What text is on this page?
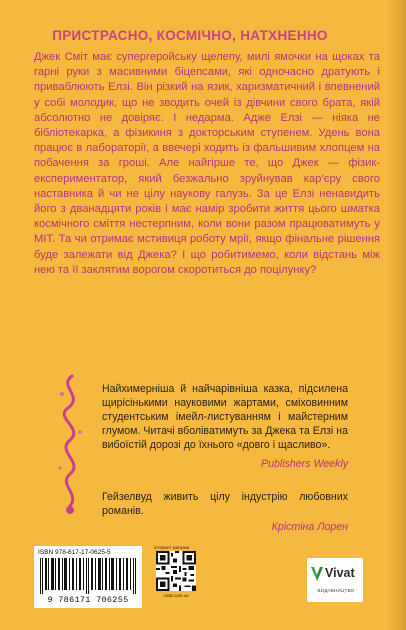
ПРИСТРАСНО, КОСМІЧНО, НАТХНЕННО

Джек Сміт має супергеройську щелепу, милі ямочки на щоках та гарні руки з масивними біцепсами, які одночасно дратують і приваблюють Елзі. Він різкий на язик, харизматичний і впевнений у собі молодик, що не зводить очей із дівчини свого брата, якій абсолютно не довіряє. І недарма. Адже Елзі — ніяка не бібліотекарка, а фізикиня з докторським ступенем. Удень вона працює в лабораторії, а ввечері ходить із фальшивим хлопцем на побачення за гроші. Але найгірше те, що Джек — фізик-експериментатор, який безжально зруйнував кар’єру свого наставника й чи не цілу наукову галузь. За це Елзі ненавидить його з дванадцяти років і має намір зробити життя цього шматка космічного сміття нестерпним, коли вони разом працюватимуть у MIT. Та чи отримає мстивиця роботу мрії, якщо фінальне рішення буде залежати від Джека? І що робитимемо, коли відстань між нею та її заклятим ворогом скоротиться до поцілунку?

Найхимерніша й найчарівніша казка, підсилена щирісінькими науковими жартами, сміховинним студентським імейл-листуванням і майстерним глумом. Читачі вболіватимуть за Джека та Елзі на вибоїстій дорозі до їхнього «довго і щасливо».

Publishers Weekly

Гейзелвуд живить цілу індустрію любовних романів.

Крістіна Лорен
ISBN 978-617-17-0625-5
9 786171 706255
інтернет магазин
vivat.com.ua
Vivat
ВИДАВНИЦТВО
